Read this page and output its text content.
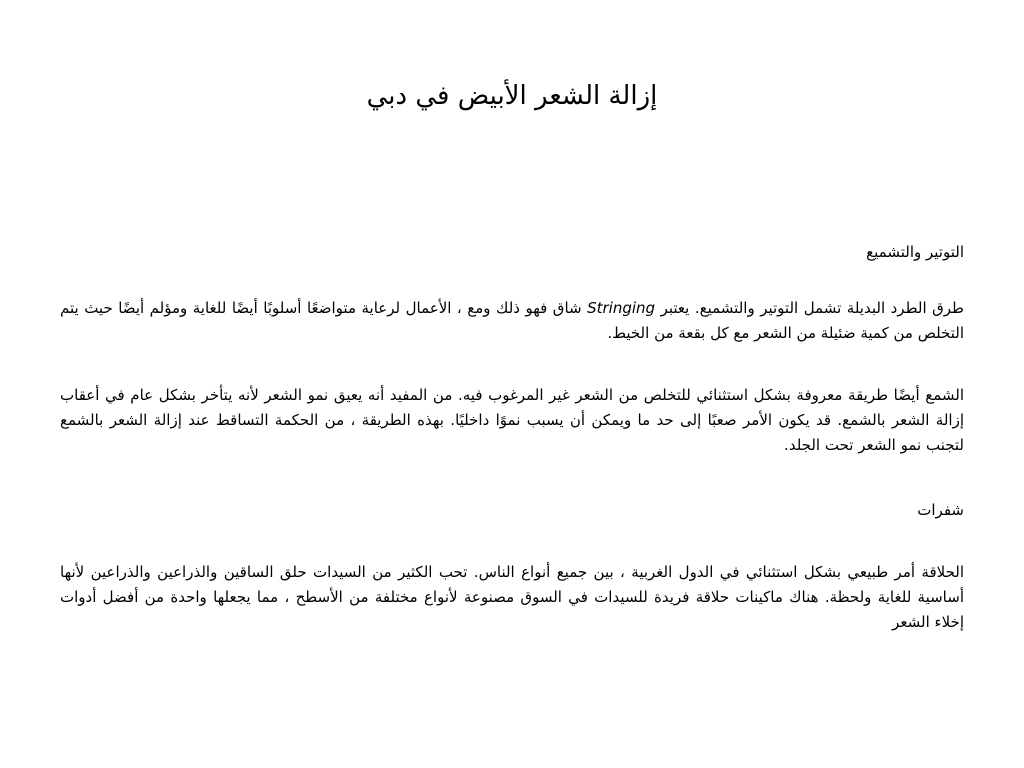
إزالة الشعر الأبيض في دبي

التوتير والتشميع

طرق الطرد البديلة تشمل التوتير والتشميع. يعتبر Stringing شاق فهو ذلك ومع ، الأعمال لرعاية متواضعًا أسلوبًا أيضًا للغاية ومؤلم أيضًا حيث يتم التخلص من كمية ضئيلة من الشعر مع كل بقعة من الخيط.

الشمع أيضًا طريقة معروفة بشكل استثنائي للتخلص من الشعر غير المرغوب فيه. من المفيد أنه يعيق نمو الشعر لأنه يتأخر بشكل عام في أعقاب إزالة الشعر بالشمع. قد يكون الأمر صعبًا إلى حد ما ويمكن أن يسبب نموًا داخليًا. بهذه الطريقة ، من الحكمة التساقط عند إزالة الشعر بالشمع لتجنب نمو الشعر تحت الجلد.

شفرات

الحلاقة أمر طبيعي بشكل استثنائي في الدول الغربية ، بين جميع أنواع الناس. تحب الكثير من السيدات حلق الساقين والذراعين والذراعين لأنها أساسية للغاية ولحظة. هناك ماكينات حلاقة فريدة للسيدات في السوق مصنوعة لأنواع مختلفة من الأسطح ، مما يجعلها واحدة من أفضل أدوات إخلاء الشعر
